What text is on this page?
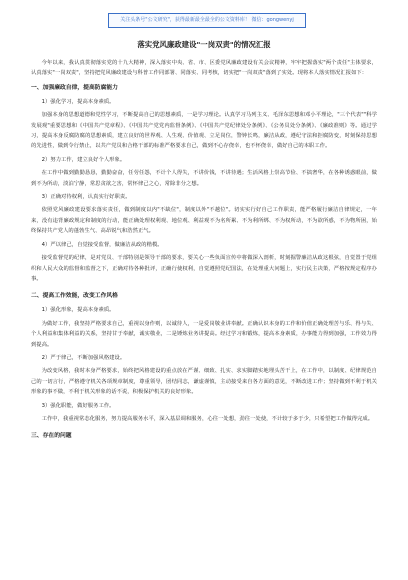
关注头条号"公文研究"，获得最新最全最全的公文资料库！ 微信：gongwenyj
落实党风廉政建设"一岗双责"的情况汇报

今年以来，我认真贯彻落实党的十九大精神，深入落实中央、省、市、区委党风廉政建设有关会议精神，牢牢把握落实"两个责任"主体要求，认真落实"一岗双责"，坚持把党风廉政建设与科普工作同部署、同落实、同考核，切实把"一岗双责"落到了实处。现将本人落实情况汇报如下：

一、加强廉政自律，提高防腐能力

1）强化学习，提高本身素质。

加强本身的思想道德和党性学习，不断提高自己的思想素质，一是学习理论。认真学习马列主义、毛泽东思想和邓小平理论，"三个代表""科学发展观"重要思想和《中国共产党章程》、《中国共产党党内监督条例》、《中国共产党纪律处分条例》、《公务员处分条例》、《廉政准则》等。通过学习，提高本身反腐防腐的思想素质，建立良好的世界观、人生观、价值观、立足岗位，警钟长鸣，廉洁从政，遵纪守法和拒腐防变，时刻保持思想的先进性，做到令行禁止，以共产党员和合格干部的标准严格要求自己，做到不心存侥幸，也不怀侥幸，做好自己的本职工作。

2）努力工作，建立良好个人形象。

在工作中做到勤勤恳恳，勤勤奋奋，任劳任怨，不计个人得失，不讲价钱，不讲待遇；生活风格上崇高节俭、不搞奢华，在各种诱惑眼前，做到不为所动，淡泊宁静，常思贪欲之害，常怀律己之心，常除非分之想。

3）正确对待权利，认真实行好职责。

依照党风廉政建设要求落实责任，做到制度以内"不缺位"，制度以外"不越位"。切实实行好自己工作职责，能严格履行廉洁自律规定，一年来，没有违背廉政规定和制度的行动，能正确处理权利观、地位观、利益观不为名所累、不为利所绑、不为权所动，不为欲所惑，不为物所困，始终保持共产党人的蓬勃生气、高昂锐气和浩然正气。

4）严以律己，自觉接受监督，做廉洁从政的楷模。

接受监督党的纪律，是对党员、干部特别是领导干部的要求，要关心一些负面宣传中将做深入剖析，时刻掘警廉洁从政这根弦，自觉置于党组织和人民大众的监督和监督之下，正确对待各种批评，正确行使权利，自觉遵照党纪国法，在处理重大问题上，实行民主决策，严格按规定程序办事。

二、提高工作效能，改变工作风格

1）强化形象，提高本身素质。

为做好工作，我坚持严格要求自己，重视以身作则，以诚待人，一是爱岗敬业讲奉献。正确认识本身的工作和价值正确处理苦与乐、得与失、个人利益和集体利益的关系，坚持甘于奉献，诚实敬业，二是锤炼业务讲提高。经过学习和锻炼，提高本身素质，办事能力得到加强，工作效力得到提高。

2）严于律己，不断加强风格建设。

为改变风格，我时本身严格要求，始终把风格建设的重点放在严谨、细致、扎实、求实脚踏实地埋头苦干上，在工作中，以制度、纪律规范自己的一切言行，严格遵守机关各项规章制度，尊重领导，团结同志，谦虚谨慎，主动接受来自各方面的意见，不断改进工作；坚持做到不利于机关形象的事不做，不利于机关形象的话不说，积极保护机关的良好形象。

3）强化职能，做好服务工作。

工作中，我重视常态化服务，努力提高服务水平，深入基层调和服务，心往一处想，劲往一处使，不计较于多于少，只希望把工作做得完成。

三、存在的问题
